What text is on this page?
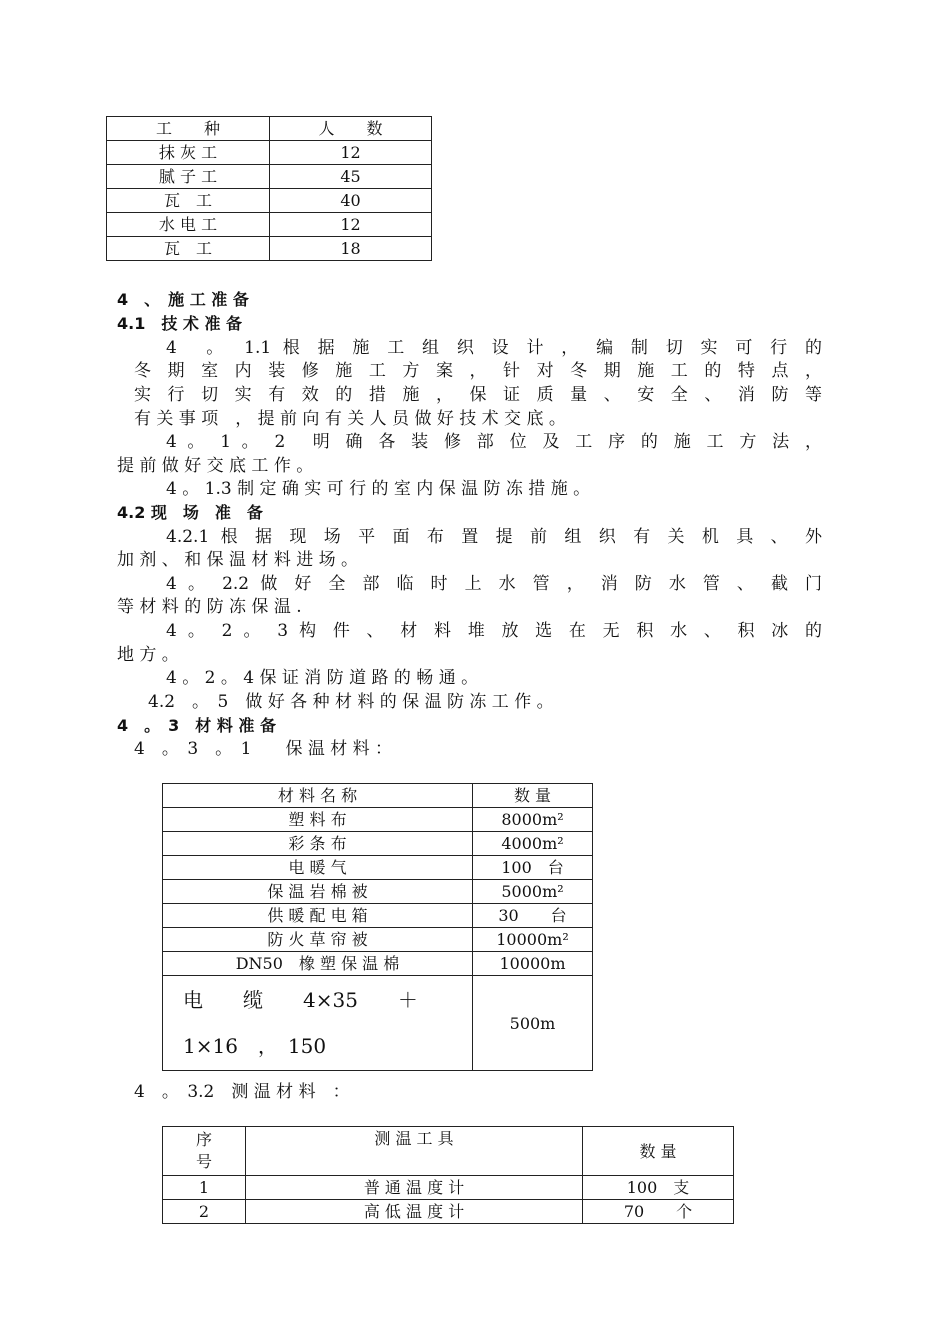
工　　种	人　　数
抹 灰 工	12
腻 子 工	45
瓦　工	40
水 电 工	12
瓦　工	18
4　、　施 工 准 备
4.1　技 术 准 备
4　。　1.1 根 据 施 工 组 织 设 计 ， 编 制 切 实 可 行 的
冬 期 室 内 装 修 施 工 方 案 ， 针 对 冬 期 施 工 的 特 点 ，
实 行 切 实 有 效 的 措 施 ， 保 证 质 量 、 安 全 、 消 防 等
有 关 事 项　， 提 前 向 有 关 人 员 做 好 技 术 交 底 。
4 。 1 。 2　明 确 各 装 修 部 位 及 工 序 的 施 工 方 法 ，
提 前 做 好 交 底 工 作 。
4 。 1.3 制 定 确 实 可 行 的 室 内 保 温 防 冻 措 施 。
4.2 现　场　准　备
4.2.1 根 据 现 场 平 面 布 置 提 前 组 织 有 关 机 具 、 外
加 剂 、 和 保 温 材 料 进 场 。
4 。 2.2 做 好 全 部 临 时 上 水 管 ， 消 防 水 管 、 截 门
等 材 料 的 防 冻 保 温 .
4 。 2 。 3 构 件 、 材 料 堆 放 选 在 无 积 水 、 积 冰 的
地 方 。
4 。 2 。 4 保 证 消 防 道 路 的 畅 通 。
4.2　。　5　做 好 各 种 材 料 的 保 温 防 冻 工 作 。
4　。　3　材 料 准 备
4　。　3　。　1　　保 温 材 料 ：
材 料 名 称	数 量
塑 料 布	8000m²
彩 条 布	4000m²
电 暖 气	100　台
保 温 岩 棉 被	5000m²
供 暖 配 电 箱	30　　台
防 火 草 帘 被	10000m²
DN50　橡 塑 保 温 棉	10000m

电　　缆　　4×35　　＋
1×16　，　150	500m
4　。　3.2　测 温 材 料　：
序
号	测 温 工 具	数 量
1	普 通 温 度 计	100　支
2	高 低 温 度 计	70　　个
